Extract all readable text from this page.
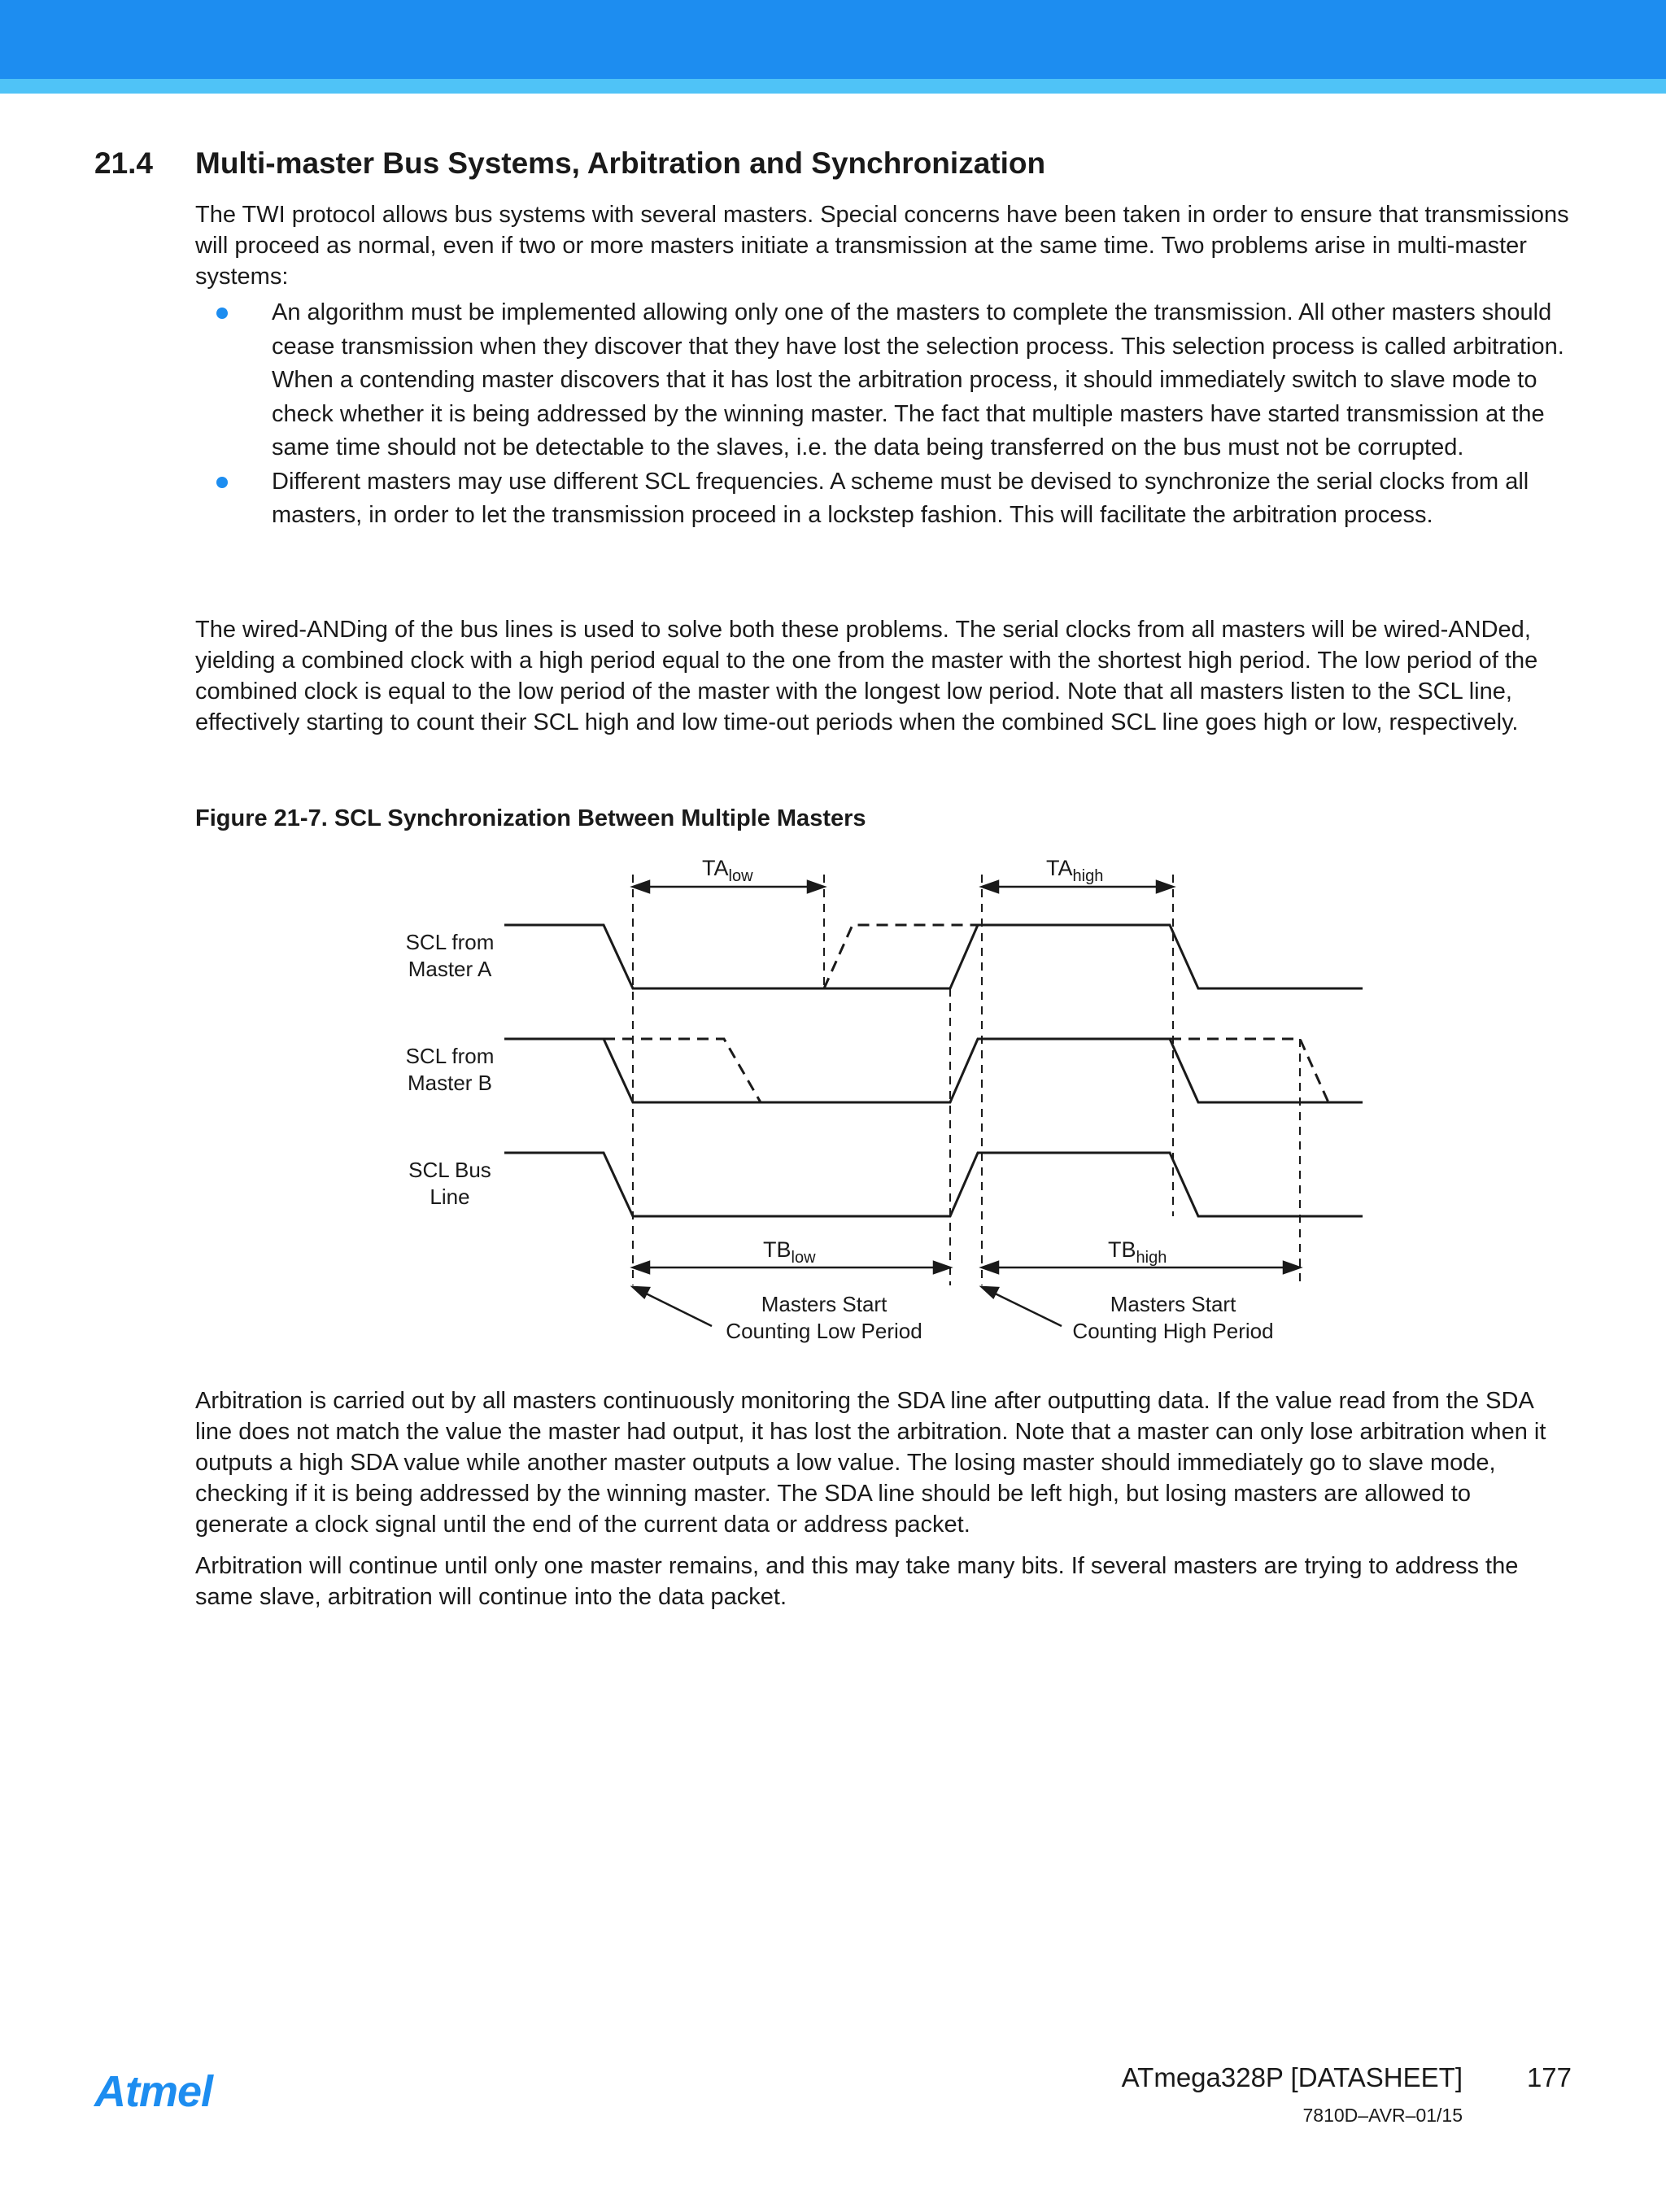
21.4 Multi-master Bus Systems, Arbitration and Synchronization

The TWI protocol allows bus systems with several masters. Special concerns have been taken in order to ensure that transmissions will proceed as normal, even if two or more masters initiate a transmission at the same time. Two problems arise in multi-master systems:

An algorithm must be implemented allowing only one of the masters to complete the transmission. All other masters should cease transmission when they discover that they have lost the selection process. This selection process is called arbitration. When a contending master discovers that it has lost the arbitration process, it should immediately switch to slave mode to check whether it is being addressed by the winning master. The fact that multiple masters have started transmission at the same time should not be detectable to the slaves, i.e. the data being transferred on the bus must not be corrupted.
Different masters may use different SCL frequencies. A scheme must be devised to synchronize the serial clocks from all masters, in order to let the transmission proceed in a lockstep fashion. This will facilitate the arbitration process.

The wired-ANDing of the bus lines is used to solve both these problems. The serial clocks from all masters will be wired-ANDed, yielding a combined clock with a high period equal to the one from the master with the shortest high period. The low period of the combined clock is equal to the low period of the master with the longest low period. Note that all masters listen to the SCL line, effectively starting to count their SCL high and low time-out periods when the combined SCL line goes high or low, respectively.

Figure 21-7. SCL Synchronization Between Multiple Masters

$TA_{low}$	$TA_{high}$
$TB_{low}$	$TB_{high}$
SCL from
Master A
SCL from
Master B
SCL Bus
Line
Masters Start
Counting Low Period
Masters Start
Counting High Period

Arbitration is carried out by all masters continuously monitoring the SDA line after outputting data. If the value read from the SDA line does not match the value the master had output, it has lost the arbitration. Note that a master can only lose arbitration when it outputs a high SDA value while another master outputs a low value. The losing master should immediately go to slave mode, checking if it is being addressed by the winning master. The SDA line should be left high, but losing masters are allowed to generate a clock signal until the end of the current data or address packet.

Arbitration will continue until only one master remains, and this may take many bits. If several masters are trying to address the same slave, arbitration will continue into the data packet.

Atmel	ATmega328P [DATASHEET] 177

7810D–AVR–01/15
